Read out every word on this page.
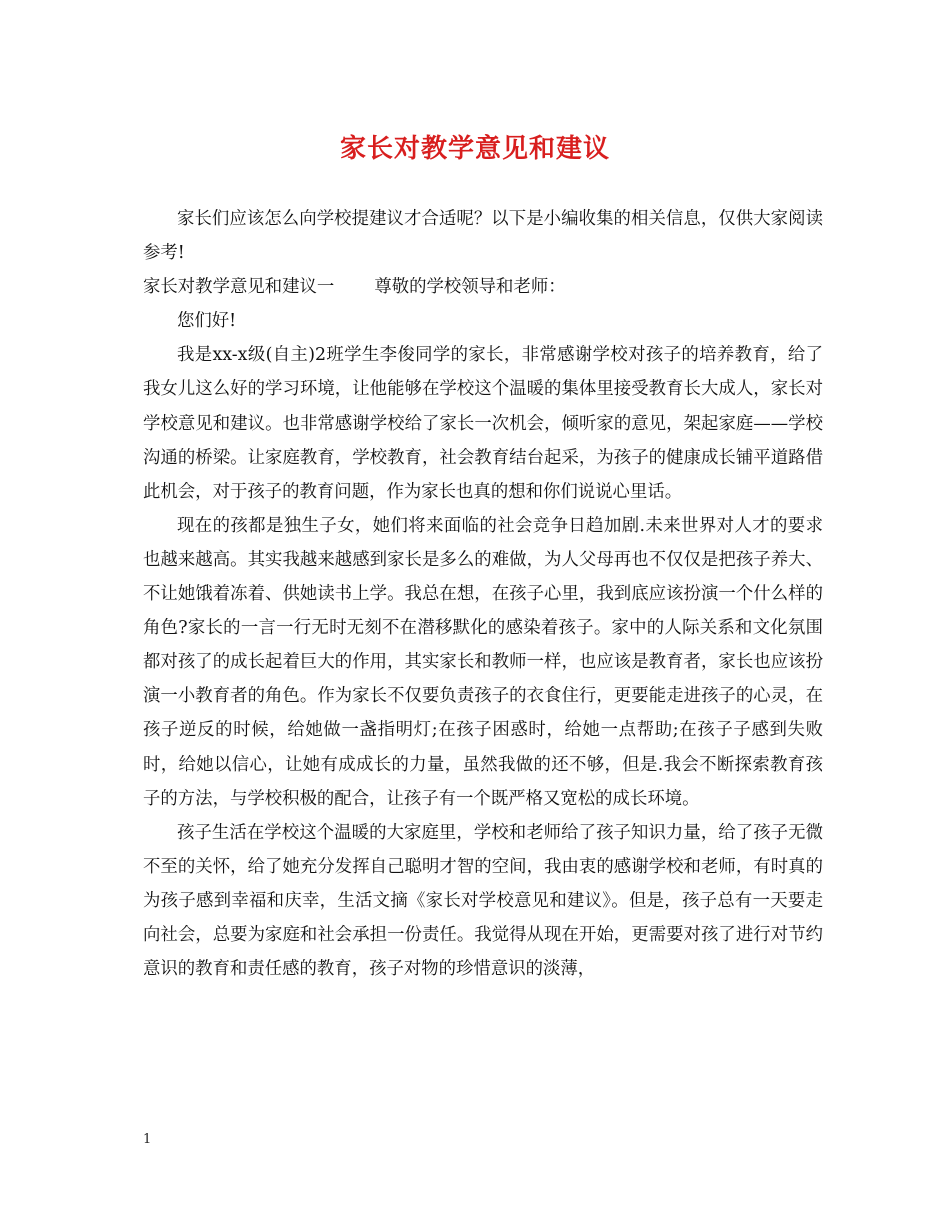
家长对教学意见和建议

家长们应该怎么向学校提建议才合适呢？以下是小编收集的相关信息，仅供大家阅读参考!

家长对教学意见和建议一 尊敬的学校领导和老师：

您们好!

我是xx-x级(自主)2班学生李俊同学的家长，非常感谢学校对孩子的培养教育，给了我女儿这么好的学习环境，让他能够在学校这个温暖的集体里接受教育长大成人，家长对学校意见和建议。也非常感谢学校给了家长一次机会，倾听家的意见，架起家庭——学校沟通的桥梁。让家庭教育，学校教育，社会教育结台起采，为孩子的健康成长铺平道路借此机会，对于孩子的教育问题，作为家长也真的想和你们说说心里话。

现在的孩都是独生子女，她们将来面临的社会竞争日趋加剧.未来世界对人才的要求也越来越高。其实我越来越感到家长是多么的难做，为人父母再也不仅仅是把孩子养大、不让她饿着冻着、供她读书上学。我总在想，在孩子心里，我到底应该扮演一个什么样的角色?家长的一言一行无时无刻不在潜移默化的感染着孩子。家中的人际关系和文化氛围都对孩了的成长起着巨大的作用，其实家长和教师一样，也应该是教育者，家长也应该扮演一小教育者的角色。作为家长不仅要负责孩子的衣食住行，更要能走进孩子的心灵，在孩子逆反的时候，给她做一盏指明灯;在孩子困惑时，给她一点帮助;在孩子子感到失败时，给她以信心，让她有成成长的力量，虽然我做的还不够，但是.我会不断探索教育孩子的方法，与学校积极的配合，让孩子有一个既严格又宽松的成长环境。

孩子生活在学校这个温暖的大家庭里，学校和老师给了孩子知识力量，给了孩子无微不至的关怀，给了她充分发挥自己聪明才智的空间，我由衷的感谢学校和老师，有时真的为孩子感到幸福和庆幸，生活文摘《家长对学校意见和建议》。但是，孩子总有一天要走向社会，总要为家庭和社会承担一份责任。我觉得从现在开始，更需要对孩了进行对节约意识的教育和责任感的教育，孩子对物的珍惜意识的淡薄，

1
